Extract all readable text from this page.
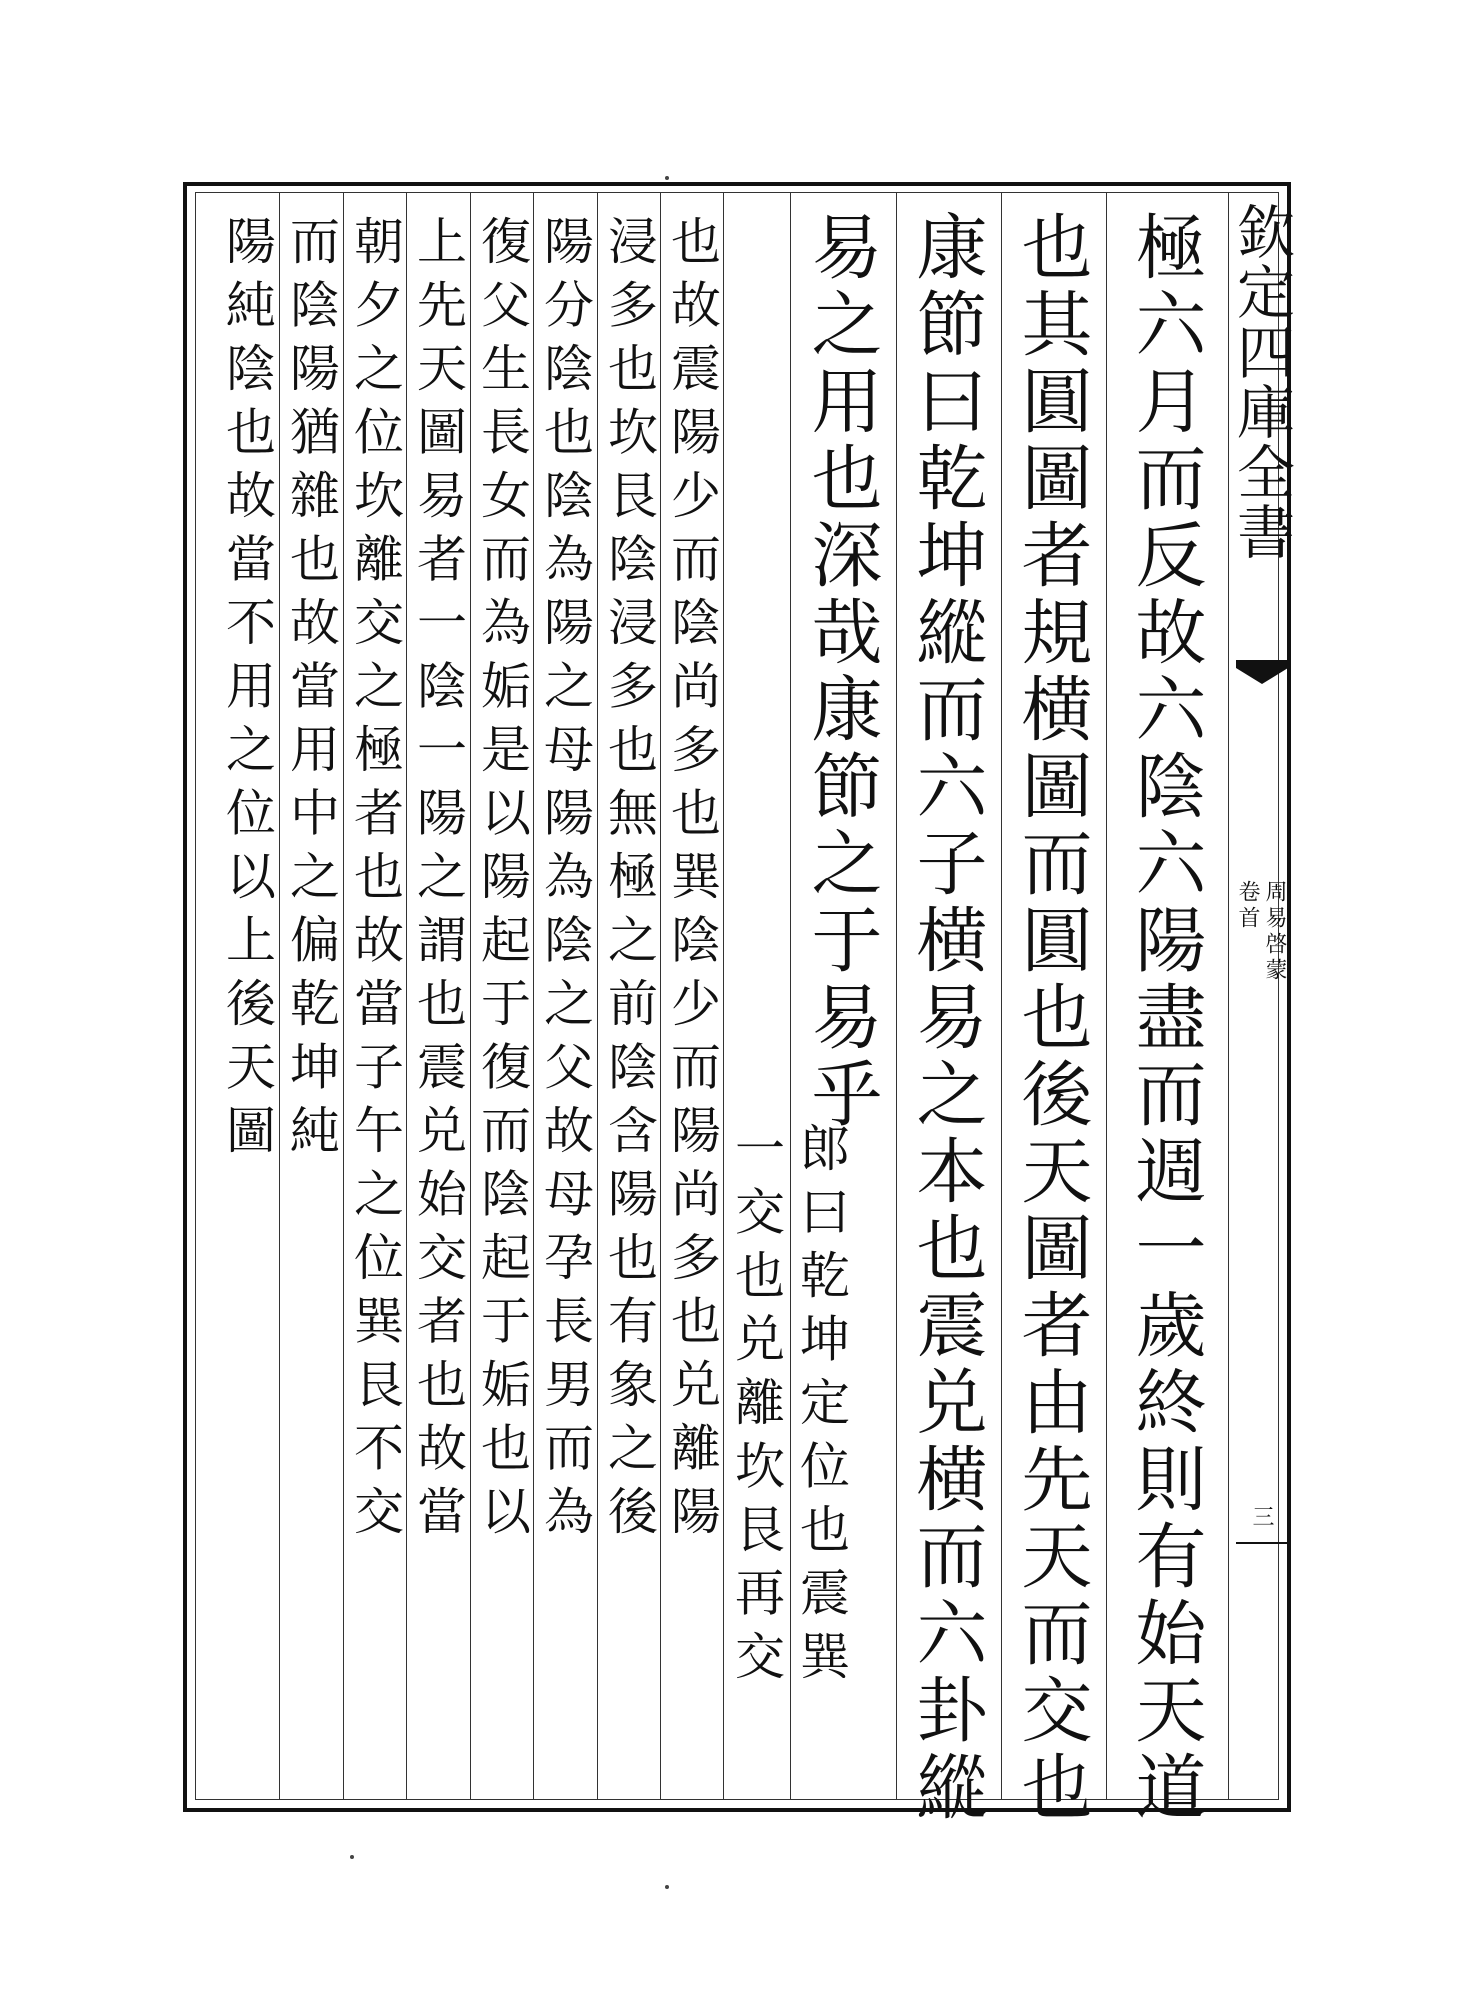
欽定四庫全書
周易啓蒙
卷首
三
極六月而反故六陰六陽盡而週一歲終則有始天道
也其圓圖者規横圖而圓也後天圖者由先天而交也
康節曰乾坤縱而六子横易之本也震兑横而六卦縱
易之用也深哉康節之于易乎
郎曰乾坤定位也震巽
一交也兑離坎艮再交
也故震陽少而陰尚多也巽陰少而陽尚多也兑離陽
浸多也坎艮陰浸多也無極之前陰含陽也有象之後
陽分陰也陰為陽之母陽為陰之父故母孕長男而為
復父生長女而為姤是以陽起于復而陰起于姤也以
上先天圖易者一陰一陽之謂也震兑始交者也故當
朝夕之位坎離交之極者也故當子午之位巽艮不交
而陰陽猶雜也故當用中之偏乾坤純
陽純陰也故當不用之位以上後天圖
